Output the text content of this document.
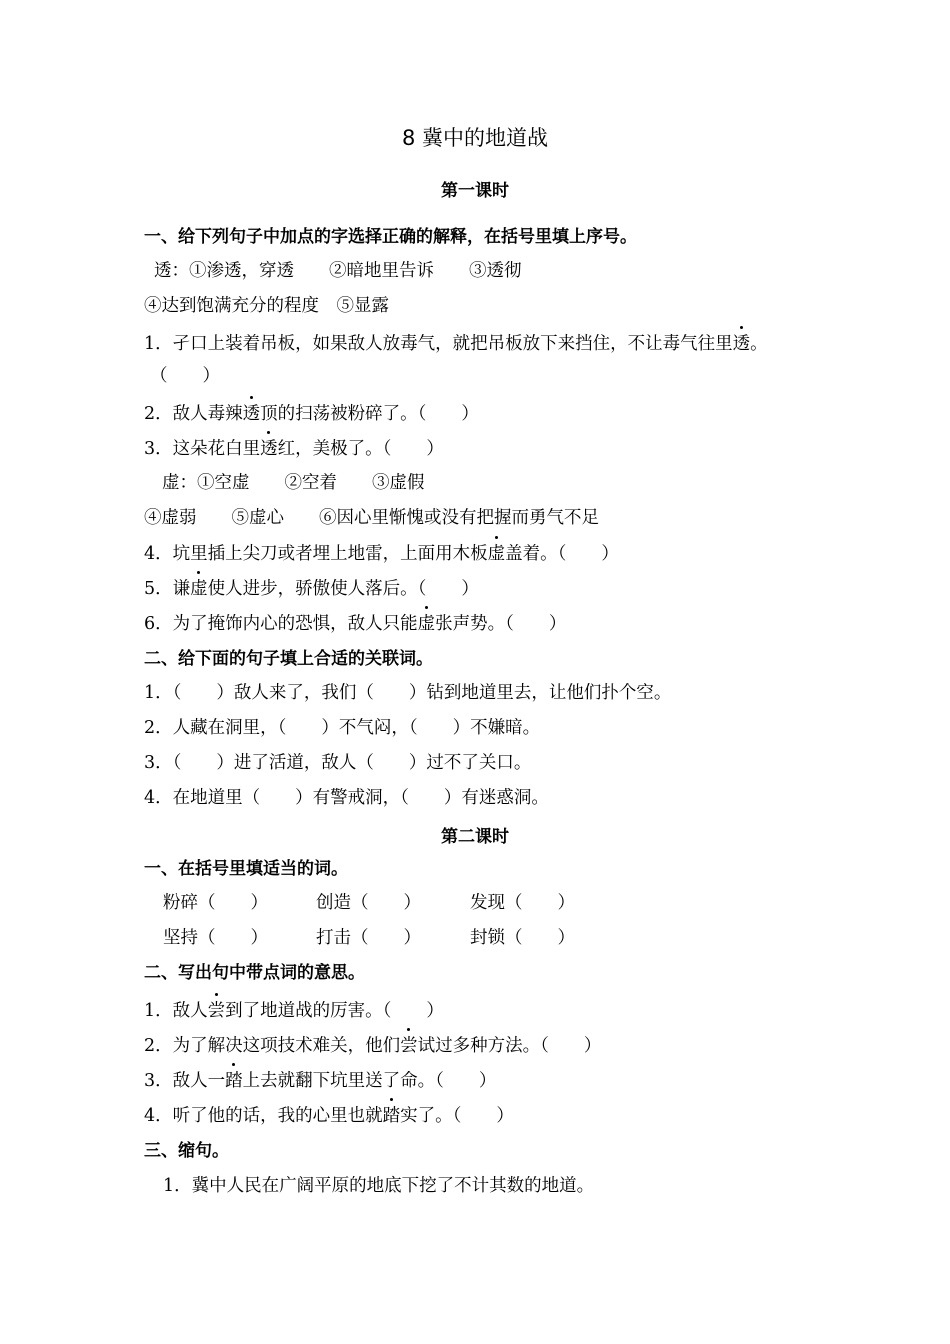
8 冀中的地道战
第一课时
一、给下列句子中加点的字选择正确的解释，在括号里填上序号。
透：①渗透，穿透　　②暗地里告诉　　③透彻
④达到饱满充分的程度　⑤显露
1．孑口上装着吊板，如果敌人放毒气，就把吊板放下来挡住，不让毒气往里透。
（　　）
2．敌人毒辣透顶的扫荡被粉碎了。（　　）
3．这朵花白里透红，美极了。（　　）
虚：①空虚　　②空着　　③虚假
④虚弱　　⑤虚心　　⑥因心里惭愧或没有把握而勇气不足
4．坑里插上尖刀或者埋上地雷，上面用木板虚盖着。（　　）
5．谦虚使人进步，骄傲使人落后。（　　）
6．为了掩饰内心的恐惧，敌人只能虚张声势。（　　）
二、给下面的句子填上合适的关联词。
1．（　　）敌人来了，我们（　　）钻到地道里去，让他们扑个空。
2．人藏在洞里，（　　）不气闷，（　　）不嫌暗。
3．（　　）进了活道，敌人（　　）过不了关口。
4．在地道里（　　）有警戒洞，（　　）有迷惑洞。
第二课时
一、在括号里填适当的词。
粉碎（　　）	创造（　　）	发现（　　）
坚持（　　）	打击（　　）	封锁（　　）
二、写出句中带点词的意思。
1．敌人尝到了地道战的厉害。（　　）
2．为了解决这项技术难关，他们尝试过多种方法。（　　）
3．敌人一踏上去就翻下坑里送了命。（　　）
4．听了他的话，我的心里也就踏实了。（　　）
三、缩句。
1．冀中人民在广阔平原的地底下挖了不计其数的地道。
